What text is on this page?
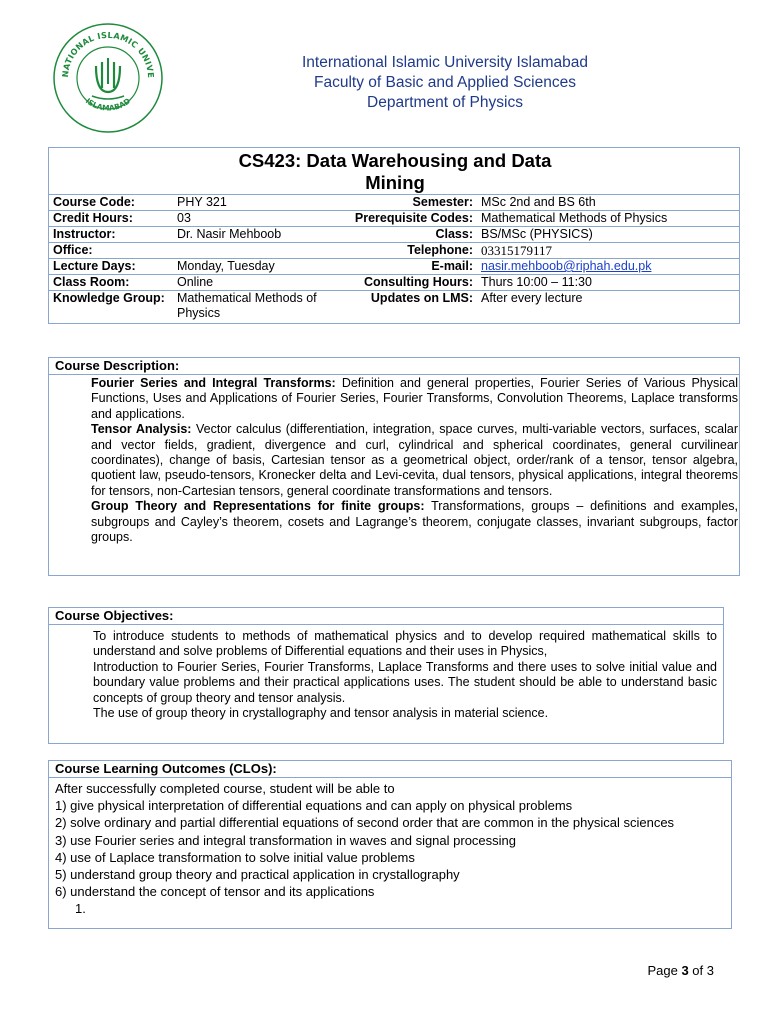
NATIONAL ISLAMIC UNIVE
ISLAMABAD
International Islamic University Islamabad
Faculty of Basic and Applied Sciences
Department of Physics
CS423: Data Warehousing and Data
Mining
Course Code:	PHY 321	Semester:	MSc 2nd and BS 6th
Credit Hours:	03	Prerequisite Codes:	Mathematical Methods of Physics
Instructor:	Dr. Nasir Mehboob	Class:	BS/MSc (PHYSICS)
Office:		Telephone:	03315179117
Lecture Days:	Monday, Tuesday	E-mail:	nasir.mehboob@riphah.edu.pk
Class Room:	Online	Consulting Hours:	Thurs 10:00 – 11:30
Knowledge Group:	Mathematical Methods of Physics	Updates on LMS:	After every lecture
Course Description:
Fourier Series and Integral Transforms: Definition and general properties, Fourier Series of Various Physical Functions, Uses and Applications of Fourier Series, Fourier Transforms, Convolution Theorems, Laplace transforms and applications.
Tensor Analysis: Vector calculus (differentiation, integration, space curves, multi-variable vectors, surfaces, scalar and vector fields, gradient, divergence and curl, cylindrical and spherical coordinates, general curvilinear coordinates), change of basis, Cartesian tensor as a geometrical object, order/rank of a tensor, tensor algebra, quotient law, pseudo-tensors, Kronecker delta and Levi-cevita, dual tensors, physical applications, integral theorems for tensors, non-Cartesian tensors, general coordinate transformations and tensors.
Group Theory and Representations for finite groups: Transformations, groups – definitions and examples, subgroups and Cayley’s theorem, cosets and Lagrange’s theorem, conjugate classes, invariant subgroups, factor groups.
Course Objectives:

To introduce students to methods of mathematical physics and to develop required mathematical skills to understand and solve problems of Differential equations and their uses in Physics,

Introduction to Fourier Series, Fourier Transforms, Laplace Transforms and there uses to solve initial value and boundary value problems and their practical applications uses. The student should be able to understand basic concepts of group theory and tensor analysis.

The use of group theory in crystallography and tensor analysis in material science.

Course Learning Outcomes (CLOs):

After successfully completed course, student will be able to

1) give physical interpretation of differential equations and can apply on physical problems

2) solve ordinary and partial differential equations of second order that are common in the physical sciences

3) use Fourier series and integral transformation in waves and signal processing

4) use of Laplace transformation to solve initial value problems

5) understand group theory and practical application in crystallography

6) understand the concept of tensor and its applications

1.

Page 3 of 3
